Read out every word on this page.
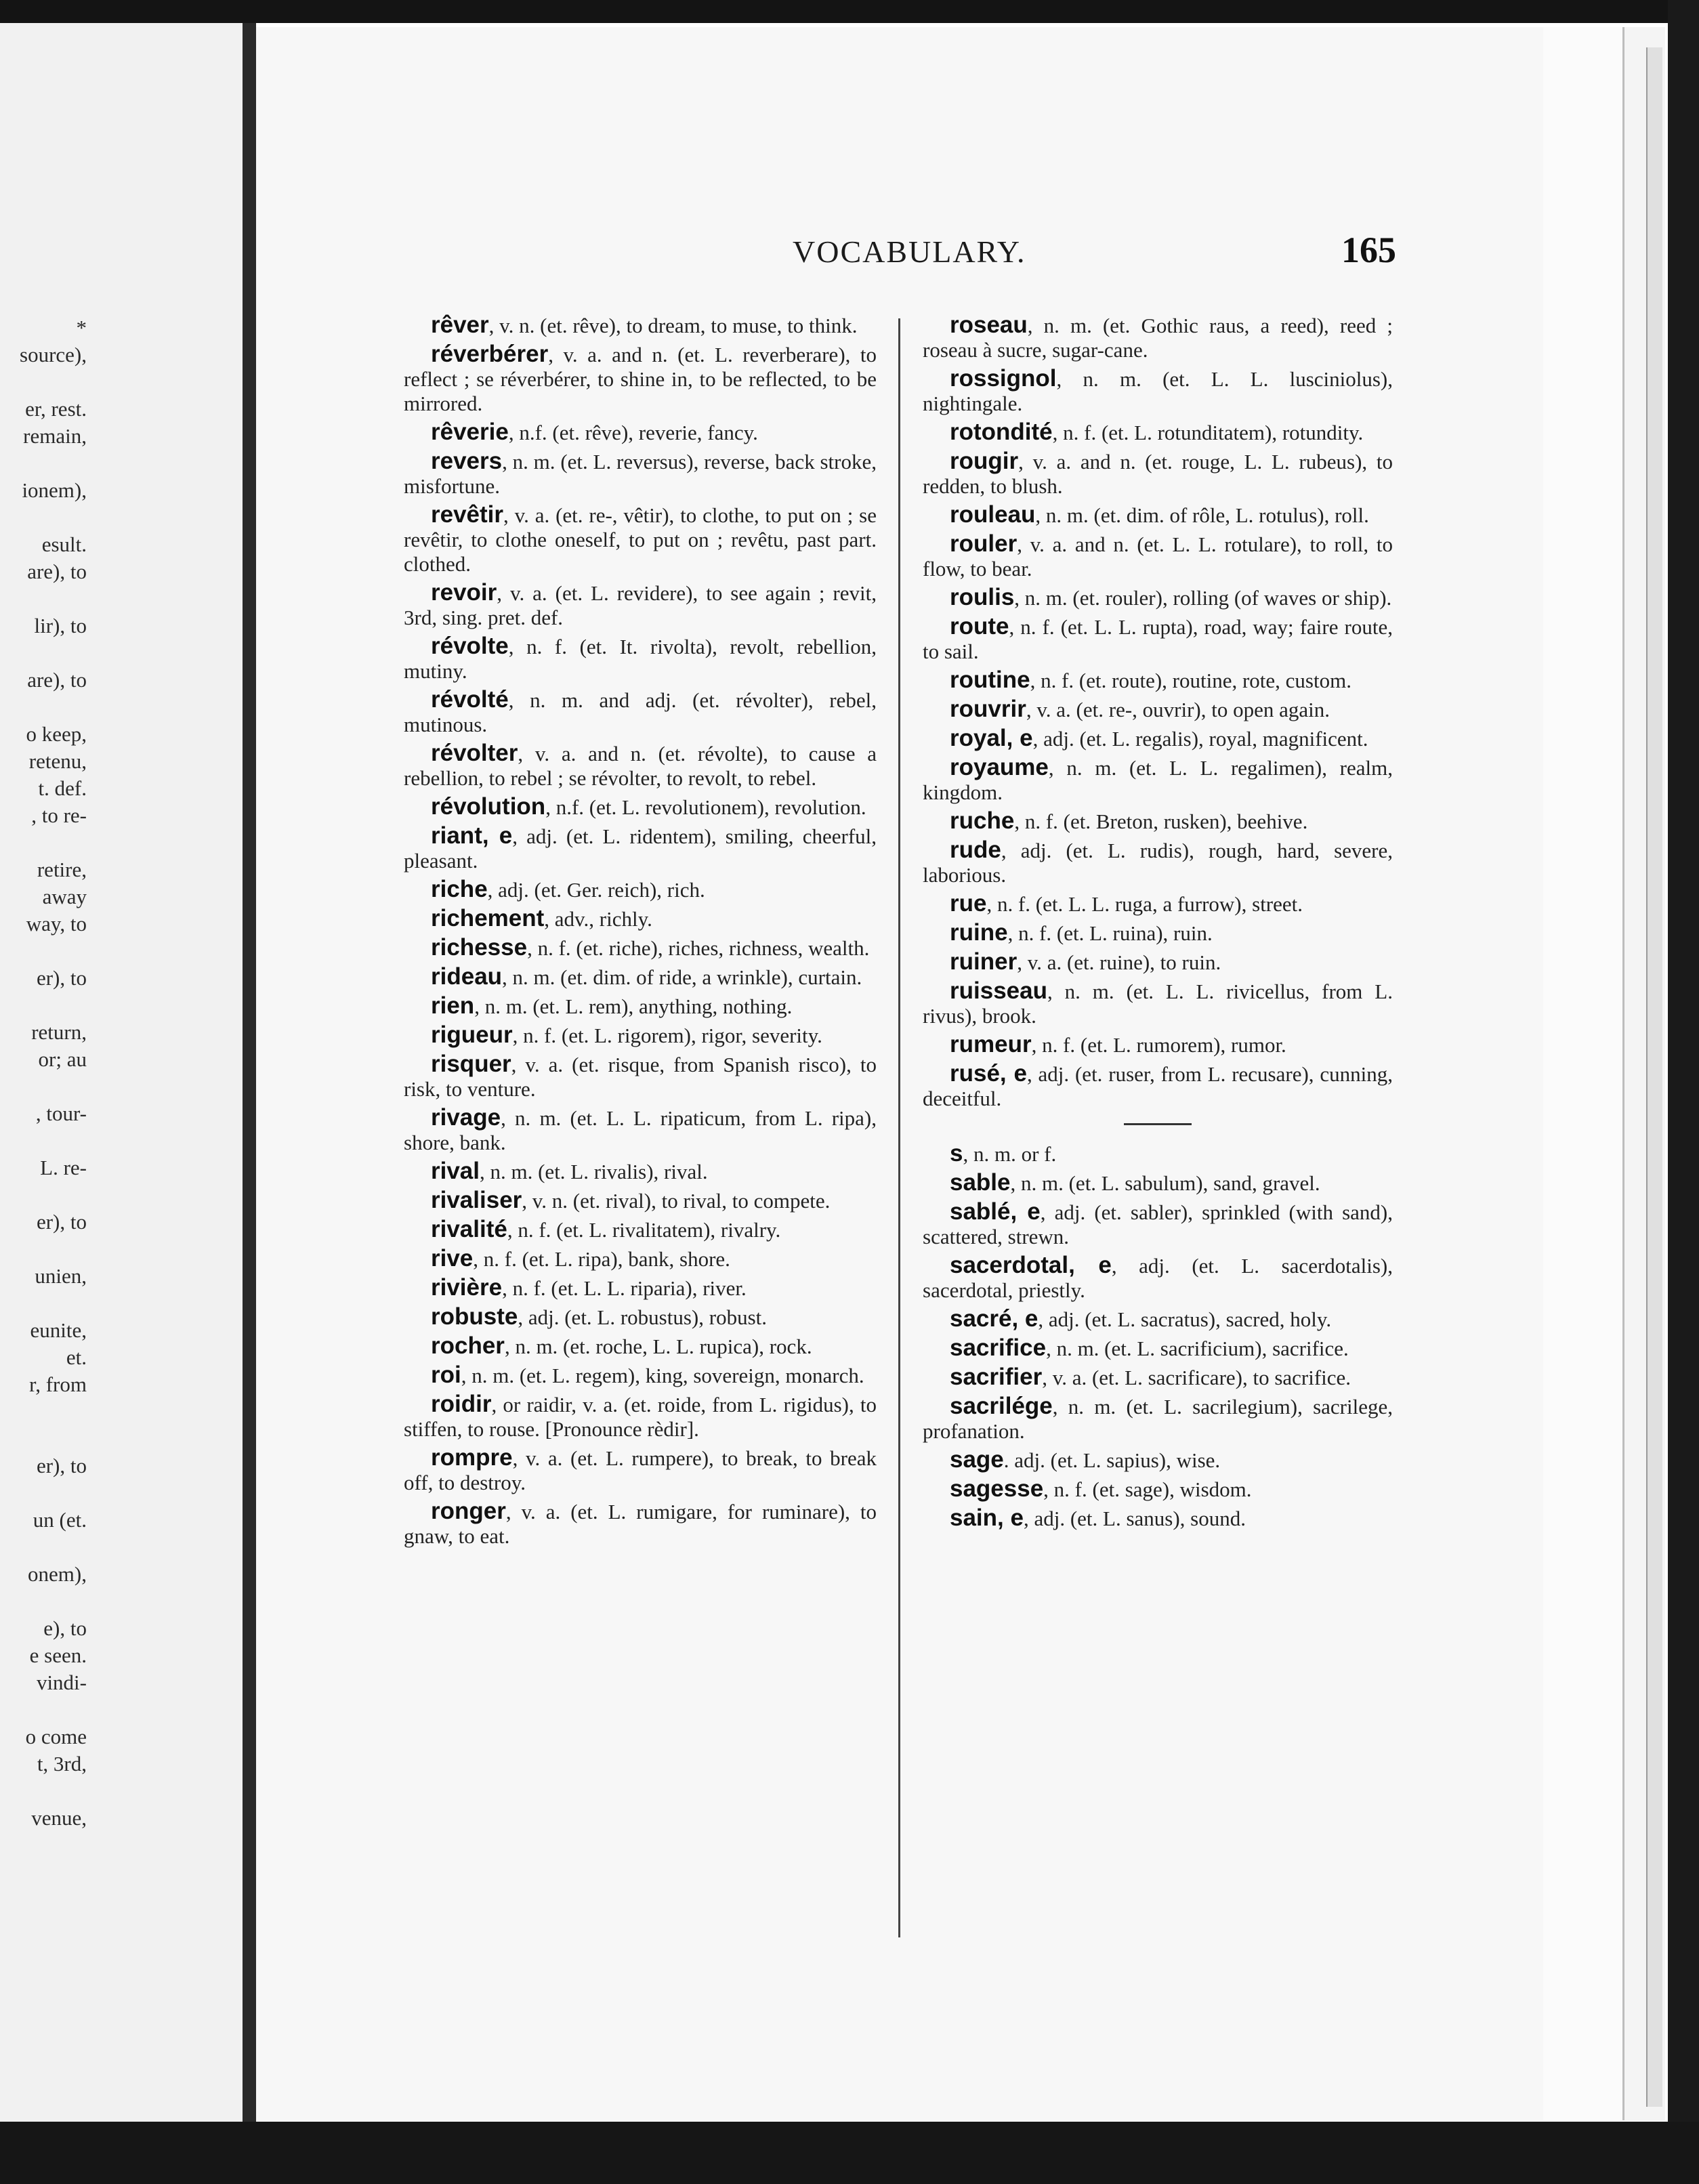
*
source),
er, rest.
remain,
ionem),
esult.
are), to
lir), to
are), to
o keep,
retenu,
t. def.
, to re-
retire,
away
way, to
er), to
return,
or; au
, tour-
L. re-
er), to
unien,
eunite,
et.
r, from
er), to
un (et.
onem),
e), to
e seen.
vindi-
o come
t, 3rd,
venue,
VOCABULARY.	165
rêver, v. n. (et. rêve), to dream, to muse, to think.
réverbérer, v. a. and n. (et. L. reverberare), to reflect ; se réverbérer, to shine in, to be reflected, to be mirrored.
rêverie, n.f. (et. rêve), reverie, fancy.
revers, n. m. (et. L. reversus), reverse, back stroke, misfortune.
revêtir, v. a. (et. re-, vêtir), to clothe, to put on ; se revêtir, to clothe oneself, to put on ; revêtu, past part. clothed.
revoir, v. a. (et. L. revidere), to see again ; revit, 3rd, sing. pret. def.
révolte, n. f. (et. It. rivolta), revolt, rebellion, mutiny.
révolté, n. m. and adj. (et. révolter), rebel, mutinous.
révolter, v. a. and n. (et. révolte), to cause a rebellion, to rebel ; se révolter, to revolt, to rebel.
révolution, n.f. (et. L. revolutionem), revolution.
riant, e, adj. (et. L. ridentem), smiling, cheerful, pleasant.
riche, adj. (et. Ger. reich), rich.
richement, adv., richly.
richesse, n. f. (et. riche), riches, richness, wealth.
rideau, n. m. (et. dim. of ride, a wrinkle), curtain.
rien, n. m. (et. L. rem), anything, nothing.
rigueur, n. f. (et. L. rigorem), rigor, severity.
risquer, v. a. (et. risque, from Spanish risco), to risk, to venture.
rivage, n. m. (et. L. L. ripaticum, from L. ripa), shore, bank.
rival, n. m. (et. L. rivalis), rival.
rivaliser, v. n. (et. rival), to rival, to compete.
rivalité, n. f. (et. L. rivalitatem), rivalry.
rive, n. f. (et. L. ripa), bank, shore.
rivière, n. f. (et. L. L. riparia), river.
robuste, adj. (et. L. robustus), robust.
rocher, n. m. (et. roche, L. L. rupica), rock.
roi, n. m. (et. L. regem), king, sovereign, monarch.
roidir, or raidir, v. a. (et. roide, from L. rigidus), to stiffen, to rouse. [Pronounce rèdir].
rompre, v. a. (et. L. rumpere), to break, to break off, to destroy.
ronger, v. a. (et. L. rumigare, for ruminare), to gnaw, to eat.
roseau, n. m. (et. Gothic raus, a reed), reed ; roseau à sucre, sugar-cane.
rossignol, n. m. (et. L. L. lusciniolus), nightingale.
rotondité, n. f. (et. L. rotunditatem), rotundity.
rougir, v. a. and n. (et. rouge, L. L. rubeus), to redden, to blush.
rouleau, n. m. (et. dim. of rôle, L. rotulus), roll.
rouler, v. a. and n. (et. L. L. rotulare), to roll, to flow, to bear.
roulis, n. m. (et. rouler), rolling (of waves or ship).
route, n. f. (et. L. L. rupta), road, way; faire route, to sail.
routine, n. f. (et. route), routine, rote, custom.
rouvrir, v. a. (et. re-, ouvrir), to open again.
royal, e, adj. (et. L. regalis), royal, magnificent.
royaume, n. m. (et. L. L. regalimen), realm, kingdom.
ruche, n. f. (et. Breton, rusken), beehive.
rude, adj. (et. L. rudis), rough, hard, severe, laborious.
rue, n. f. (et. L. L. ruga, a furrow), street.
ruine, n. f. (et. L. ruina), ruin.
ruiner, v. a. (et. ruine), to ruin.
ruisseau, n. m. (et. L. L. rivicellus, from L. rivus), brook.
rumeur, n. f. (et. L. rumorem), rumor.
rusé, e, adj. (et. ruser, from L. recusare), cunning, deceitful.
s, n. m. or f.
sable, n. m. (et. L. sabulum), sand, gravel.
sablé, e, adj. (et. sabler), sprinkled (with sand), scattered, strewn.
sacerdotal, e, adj. (et. L. sacerdotalis), sacerdotal, priestly.
sacré, e, adj. (et. L. sacratus), sacred, holy.
sacrifice, n. m. (et. L. sacrificium), sacrifice.
sacrifier, v. a. (et. L. sacrificare), to sacrifice.
sacrilége, n. m. (et. L. sacrilegium), sacrilege, profanation.
sage. adj. (et. L. sapius), wise.
sagesse, n. f. (et. sage), wisdom.
sain, e, adj. (et. L. sanus), sound.
